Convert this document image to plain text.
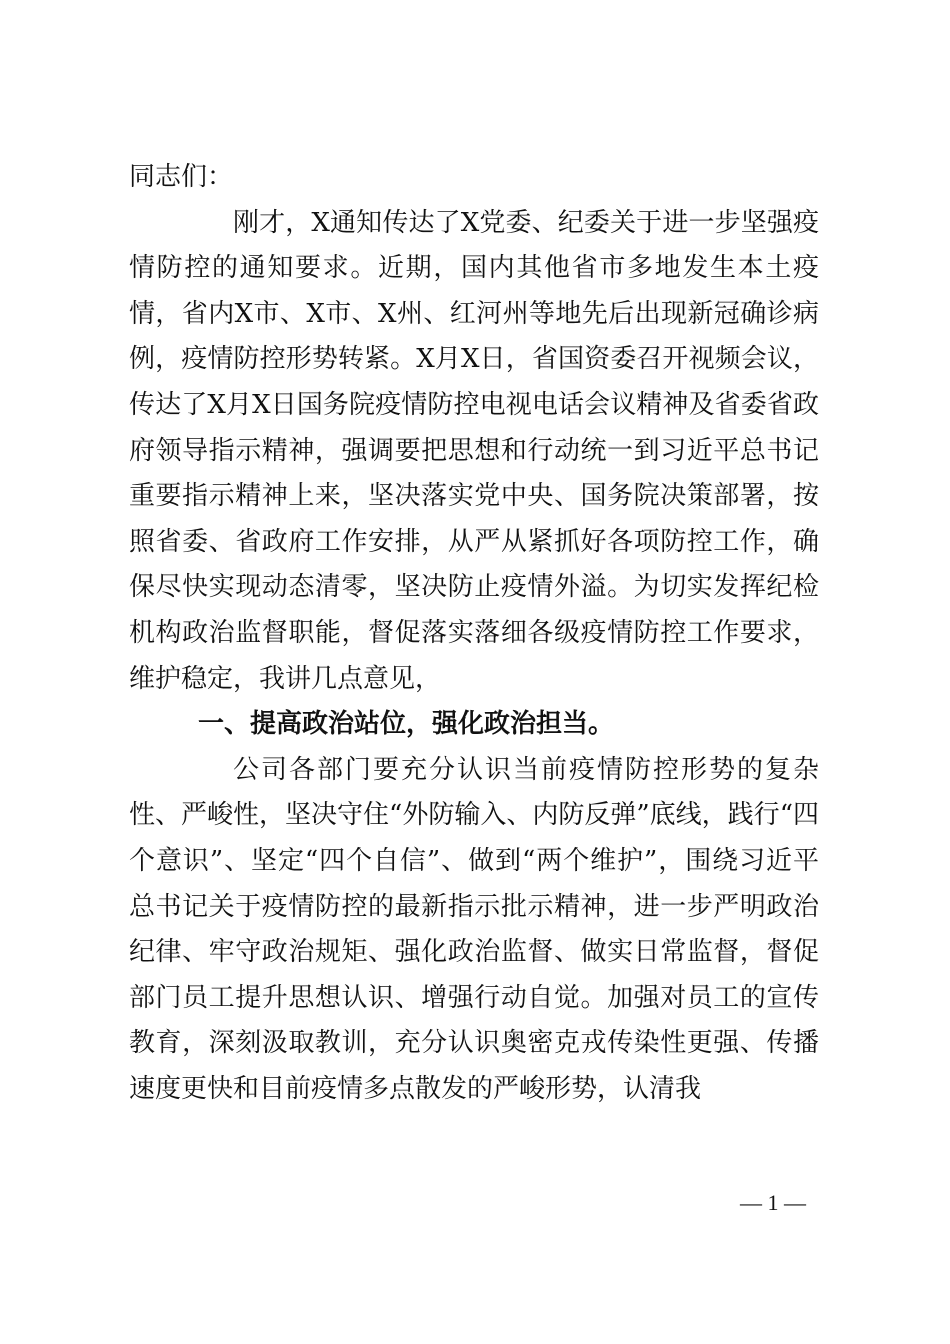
同志们：

刚才，X通知传达了X党委、纪委关于进一步坚强疫情防控的通知要求。近期，国内其他省市多地发生本土疫情，省内X市、X市、X州、红河州等地先后出现新冠确诊病例，疫情防控形势转紧。X月X日，省国资委召开视频会议，传达了X月X日国务院疫情防控电视电话会议精神及省委省政府领导指示精神，强调要把思想和行动统一到习近平总书记重要指示精神上来，坚决落实党中央、国务院决策部署，按照省委、省政府工作安排，从严从紧抓好各项防控工作，确保尽快实现动态清零，坚决防止疫情外溢。为切实发挥纪检机构政治监督职能，督促落实落细各级疫情防控工作要求，维护稳定，我讲几点意见，

一、提高政治站位，强化政治担当。

公司各部门要充分认识当前疫情防控形势的复杂性、严峻性，坚决守住“外防输入、内防反弹”底线，践行“四个意识”、坚定“四个自信”、做到“两个维护”，围绕习近平总书记关于疫情防控的最新指示批示精神，进一步严明政治纪律、牢守政治规矩、强化政治监督、做实日常监督，督促部门员工提升思想认识、增强行动自觉。加强对员工的宣传教育，深刻汲取教训，充分认识奥密克戎传染性更强、传播速度更快和目前疫情多点散发的严峻形势，认清我

— 1 —
